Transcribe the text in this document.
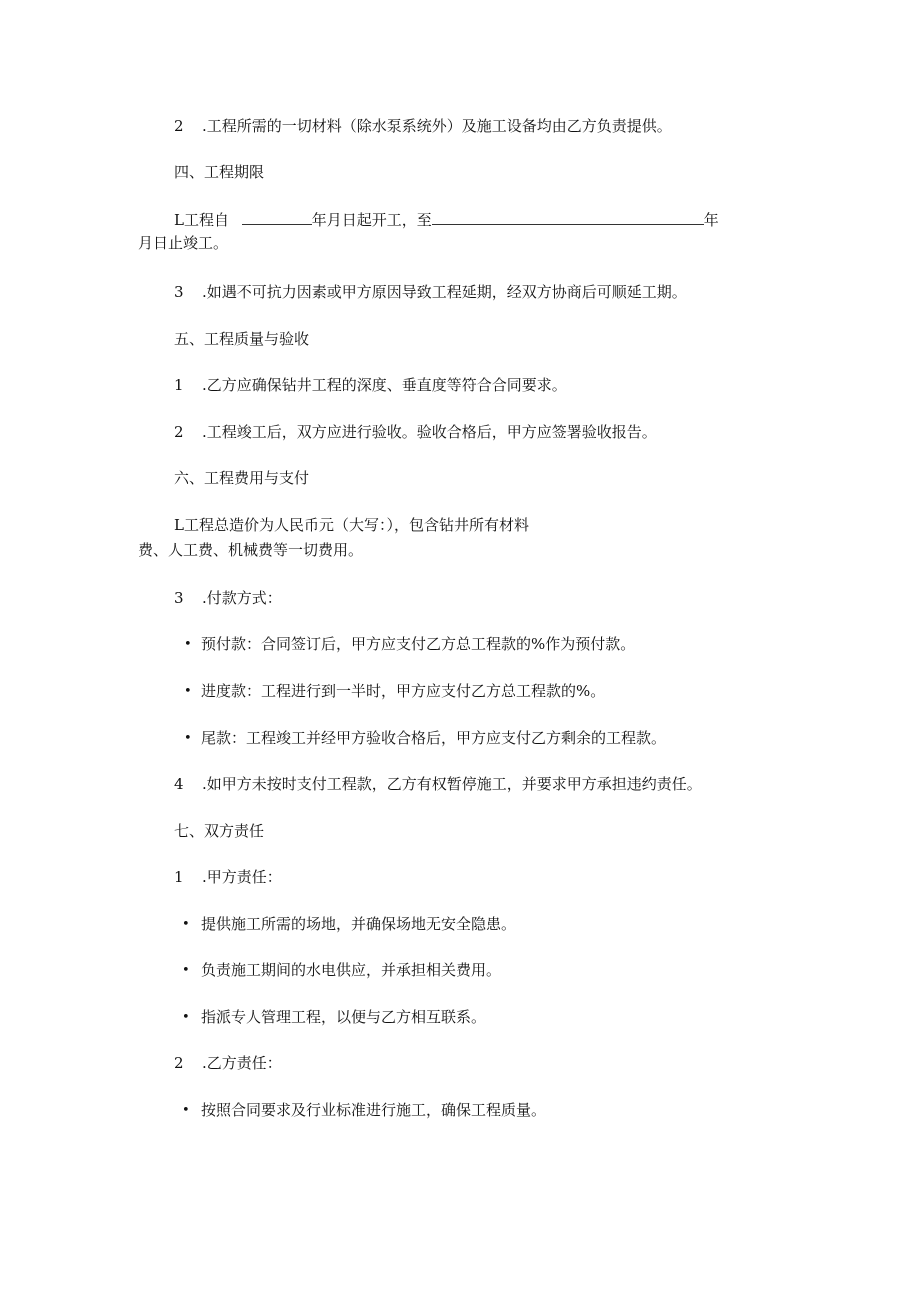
2 .工程所需的一切材料（除水泵系统外）及施工设备均由乙方负责提供。
四、工程期限
L工程自	年月日起开工，至	年
月日止竣工。
3 .如遇不可抗力因素或甲方原因导致工程延期，经双方协商后可顺延工期。
五、工程质量与验收
1 .乙方应确保钻井工程的深度、垂直度等符合合同要求。
2 .工程竣工后，双方应进行验收。验收合格后，甲方应签署验收报告。
六、工程费用与支付
L工程总造价为人民币元（大写：），包含钻井所有材料
费、人工费、机械费等一切费用。
3 .付款方式：
• 预付款：合同签订后，甲方应支付乙方总工程款的%作为预付款。
• 进度款：工程进行到一半时，甲方应支付乙方总工程款的%。
• 尾款：工程竣工并经甲方验收合格后，甲方应支付乙方剩余的工程款。
4 .如甲方未按时支付工程款，乙方有权暂停施工，并要求甲方承担违约责任。
七、双方责任
1 .甲方责任：
• 提供施工所需的场地，并确保场地无安全隐患。
• 负责施工期间的水电供应，并承担相关费用。
• 指派专人管理工程，以便与乙方相互联系。
2 .乙方责任：
• 按照合同要求及行业标准进行施工，确保工程质量。
